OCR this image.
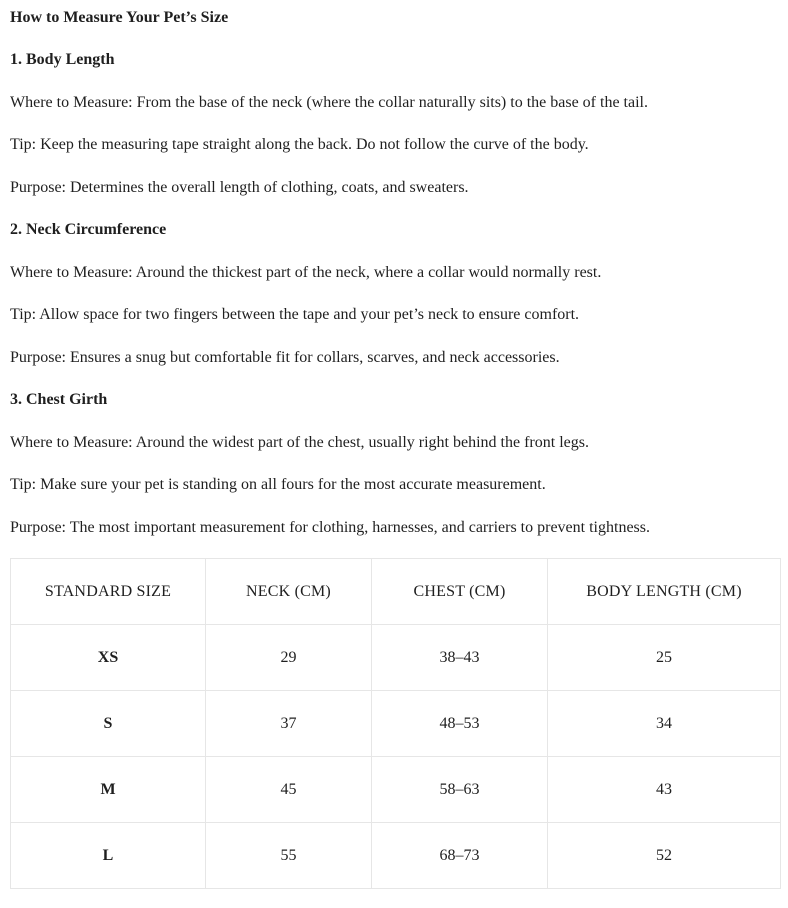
How to Measure Your Pet’s Size
1. Body Length
Where to Measure: From the base of the neck (where the collar naturally sits) to the base of the tail.
Tip: Keep the measuring tape straight along the back. Do not follow the curve of the body.
Purpose: Determines the overall length of clothing, coats, and sweaters.
2. Neck Circumference
Where to Measure: Around the thickest part of the neck, where a collar would normally rest.
Tip: Allow space for two fingers between the tape and your pet’s neck to ensure comfort.
Purpose: Ensures a snug but comfortable fit for collars, scarves, and neck accessories.
3. Chest Girth
Where to Measure: Around the widest part of the chest, usually right behind the front legs.
Tip: Make sure your pet is standing on all fours for the most accurate measurement.
Purpose: The most important measurement for clothing, harnesses, and carriers to prevent tightness.
STANDARD SIZE	NECK (CM)	CHEST (CM)	BODY LENGTH (CM)
XS	29	38–43	25
S	37	48–53	34
M	45	58–63	43
L	55	68–73	52
